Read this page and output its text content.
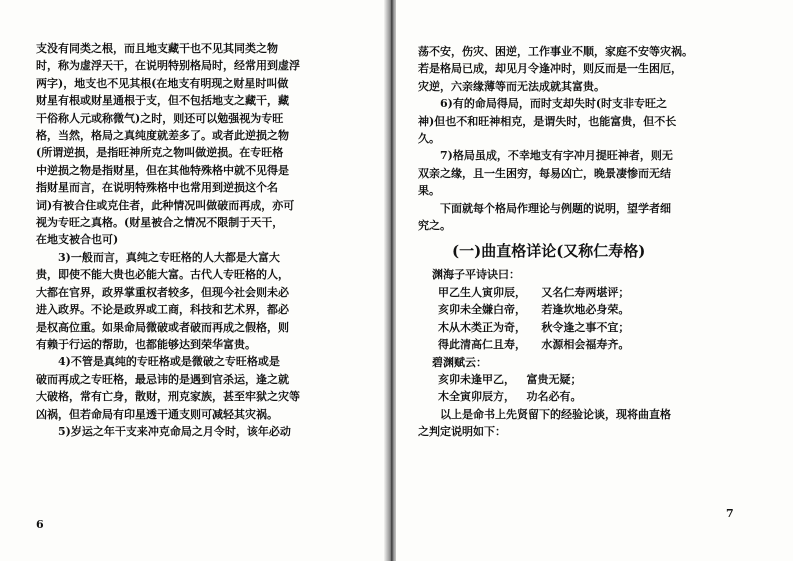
支没有同类之根，而且地支藏干也不见其同类之物

时，称为虚浮天干，在说明特别格局时，经常用到虚浮

两字)，地支也不见其根(在地支有明现之财星时叫做

财星有根或财星通根于支，但不包括地支之藏干，藏

干俗称人元或称微气)之时，则还可以勉强视为专旺

格，当然，格局之真纯度就差多了。或者此逆损之物

(所谓逆损，是指旺神所克之物叫做逆损。在专旺格

中逆损之物是指财星，但在其他特殊格中就不见得是

指财星而言，在说明特殊格中也常用到逆损这个名

词)有被合住或克住者，此种情况叫做破而再成，亦可

视为专旺之真格。(财星被合之情况不限制于天干，

在地支被合也可)

3)一般而言，真纯之专旺格的人大都是大富大

贵，即使不能大贵也必能大富。古代人专旺格的人，

大都在官界，政界掌重权者较多，但现今社会则未必

进入政界。不论是政界或工商，科技和艺术界，都必

是权高位重。如果命局微破或者破而再成之假格，则

有赖于行运的帮助，也都能够达到荣华富贵。

4)不管是真纯的专旺格或是微破之专旺格或是

破而再成之专旺格，最忌讳的是遇到官杀运，逢之就

大破格，常有亡身，散财，刑克家族，甚至牢狱之灾等

凶祸，但若命局有印星透干通支则可减轻其灾祸。

5)岁运之年干支来冲克命局之月令时，该年必动

6

荡不安，伤灾、困逆，工作事业不顺，家庭不安等灾祸。

若是格局已成，却见月令逢冲时，则反而是一生困厄，

灾逆，六亲缘薄等而无法成就其富贵。

6)有的命局得局，而时支却失时(时支非专旺之

神)但也不和旺神相克，是谓失时，也能富贵，但不长

久。

7)格局虽成，不幸地支有字冲月提旺神者，则无

双亲之缘，且一生困穷，每易凶亡，晚景凄惨而无结

果。

下面就每个格局作理论与例题的说明，望学者细

究之。

(一)曲直格详论(又称仁寿格)

渊海子平诗诀曰：

甲乙生人寅卯辰，    又名仁寿两堪评；

亥卯未全嫌白帝，    若逢坎地必身荣。

木从木类正为奇，    秋令逢之事不宜；

得此清高仁且寿，    水源相会福寿齐。

碧渊赋云：

亥卯未逢甲乙，   富贵无疑；

木全寅卯辰方，   功名必有。

以上是命书上先贤留下的经验论谈，现将曲直格

之判定说明如下：

7
